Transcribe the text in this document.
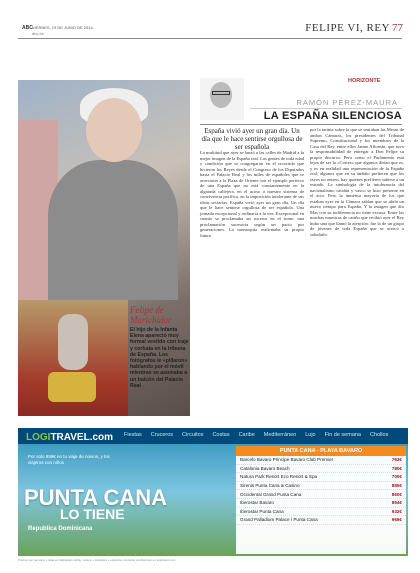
ABC VIERNES, 19 DE JUNIO DE 2014
abc.es	FELIPE VI, REY 77
Felipe de Marichalar
El hijo de la Infanta Elena apareció muy formal vestido con traje y corbata en la tribuna de España. Los fotógrafos le «pillaron» hablando por el móvil mientras se asomaba a un balcón del Palacio Real
HORIZONTE
RAMÓN PÉREZ-MAURA
LA ESPAÑA SILENCIOSA
España vivió ayer un gran día. Un día que le hace sentirse orgullosa de ser española
La multitud que ayer se lanzó a las calles de Madrid a la mejor imagen de la España real. Las gentes de toda edad y condición que se congregaron en el recorrido que hicieron los Reyes desde el Congreso de los Diputados hasta el Palacio Real y los miles de españoles que se acercaron a la Plaza de Oriente son el ejemplo perfecto de una España que no está constantemente en la algarada callejera, en el acoso a nuestro sistema de convivencia pacífica, en la imposición intolerante de sus ideas sectarias. España vivió ayer un gran día. Un día que le hace sentirse orgullosa de ser española. Una jornada excepcional y ordinaria a la vez. Excepcional en cuanto se proclamaba un sucesor en el trono, una proclamación sucesoria según un pacto por generaciones. La monarquía reafirmaba su propio futuro.
por la tarima sobre la que se sentaban las Mesas de ambas Cámaras, los presidentes del Tribunal Supremo, Constitucional y los miembros de la Casa del Rey, entre ellos Jaime Alfonsín, que tuvo la responsabilidad de entregar a Don Felipe su propio discurso. Pero como el Parlamento está lejos de ser la «Cortes» que algunos dirían que es, y es en realidad una representación de la España real, algunos que en su ámbito prefieren que los rayos no entren, hay quienes prefieren subirse a un estrado. La simbología de la intolerancia del nacionalismo catalán y vasco se hizo presente en el acto. Pero la inmensa mayoría de los que estaban ayer en la Cámara sabían que se abría un nuevo tiempo para España. Y la imagen que dio Mas con su indiferencia no tiene excusa. Entre las muchas muestras de cariño que recibió ayer el Rey hubo una que llamó la atención: fue la de un grupo de jóvenes de toda España que se acercó a saludarlo.
LOGITRAVEL.com Fiestas Cruceros Circuitos Costas Caribe Mediterráneo Lujo Fin de semana Chollos
Por solo 999€ en tu viaje de novios, y los viajeros con niños
PUNTA CANA
LO TIENE
Republica Dominicana
PUNTA CANA - PLAYA BAVARO
Barcelo Bavaro Principe Bavaro Club Premier	763€
Catalonia Bavaro Beach	780€
Natura Park Resort Eco Resort & Spa	700€
Sirenis Punta Cana & Casino	885€
Occidental Grand Punta Cana	860€
Iberostar Bavaro	894€
Iberostar Punta Cana	932€
Grand Palladium Palace / Punta Cana	966€
Precios por persona y viaje en habitación doble, vuelos + traslados + estancia. Consulte condiciones en logitravel.com
